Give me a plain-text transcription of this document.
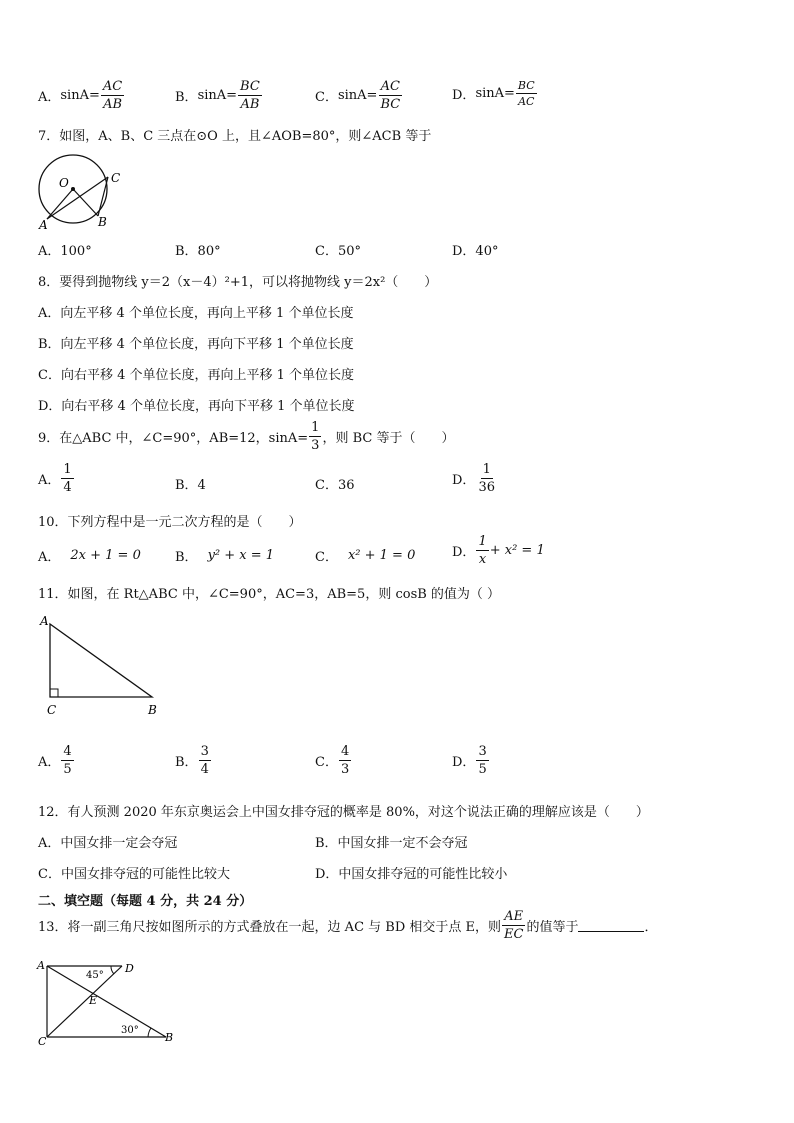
A． $\sin A= \frac{AC}{AB}$	B． $\sin A= \frac{BC}{AB}$	C． $\sin A= \frac{AC}{BC}$	D． $\sin A= \frac{BC}{AC}$
7．如图，A、B、C 三点在⊙O 上，且∠AOB=80°，则∠ACB 等于
O	C
A	B
A．100°	B．80°	C．50°	D．40°
8．要得到抛物线 y＝2（x－4）²+1，可以将抛物线 y＝2x²（　　）
A．向左平移 4 个单位长度，再向上平移 1 个单位长度
B．向左平移 4 个单位长度，再向下平移 1 个单位长度
C．向右平移 4 个单位长度，再向上平移 1 个单位长度
D．向右平移 4 个单位长度，再向下平移 1 个单位长度
9．在△ABC 中，∠C=90°，AB=12，$\sin A= \frac{1}{3}$ ，则 BC 等于（　　）
A． $\frac{1}{4}$	B．4	C．36	D． $\frac{1}{36}$
10．下列方程中是一元二次方程的是（　　）
A． 2x + 1 = 0	B． y² + x = 1	C． x² + 1 = 0	D． $\frac{1}{x} + x^2 = 1$
11．如图，在 Rt△ABC 中，∠C=90°，AC=3，AB=5，则 cosB 的值为（ ）
A
C	B
A． $\frac{4}{5}$	B． $\frac{3}{4}$	C． $\frac{4}{3}$	D． $\frac{3}{5}$
12．有人预测 2020 年东京奥运会上中国女排夺冠的概率是 80%，对这个说法正确的理解应该是（　　）
A．中国女排一定会夺冠	B．中国女排一定不会夺冠
C．中国女排夺冠的可能性比较大	D．中国女排夺冠的可能性比较小
二、填空题（每题 4 分，共 24 分）
13．将一副三角尺按如图所示的方式叠放在一起，边 AC 与 BD 相交于点 E，则 $\frac{AE}{EC}$ 的值等于	．
A	D
E
C	B
45°
30°
